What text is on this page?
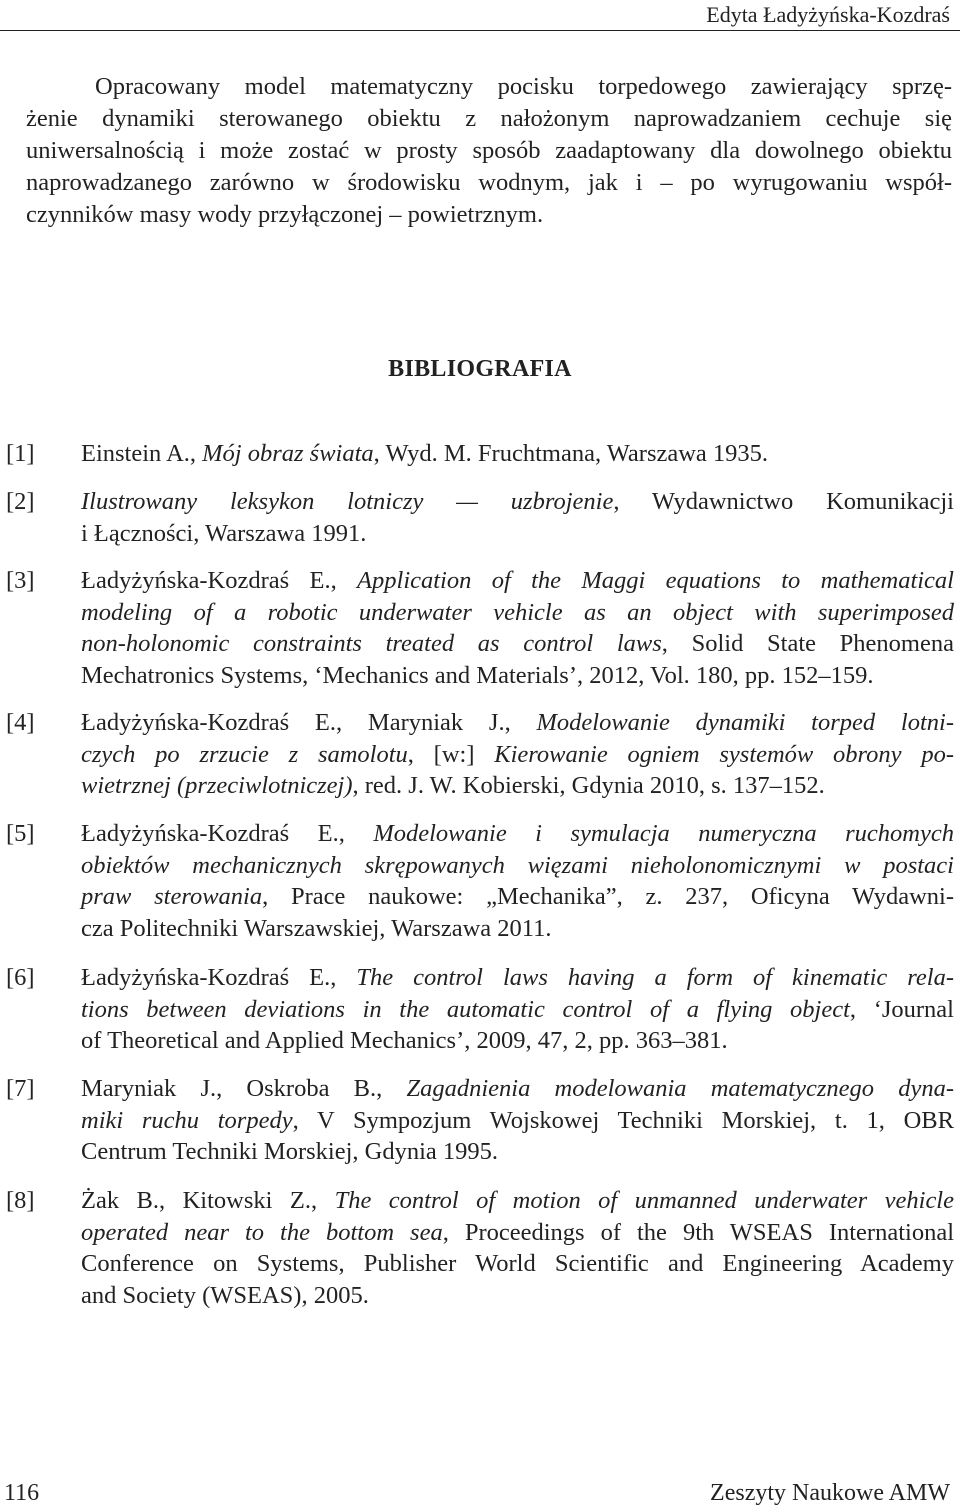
Edyta Ładyżyńska-Kozdraś
Opracowany model matematyczny pocisku torpedowego zawierający sprzę-
żenie dynamiki sterowanego obiektu z nałożonym naprowadzaniem cechuje się
uniwersalnością i może zostać w prosty sposób zaadaptowany dla dowolnego obiektu
naprowadzanego zarówno w środowisku wodnym, jak i – po wyrugowaniu współ-
czynników masy wody przyłączonej – powietrznym.
BIBLIOGRAFIA
[1] Einstein A., Mój obraz świata, Wyd. M. Fruchtmana, Warszawa 1935.
[2] Ilustrowany leksykon lotniczy — uzbrojenie, Wydawnictwo Komunikacji
i Łączności, Warszawa 1991.
[3] Ładyżyńska-Kozdraś E., Application of the Maggi equations to mathematical
modeling of a robotic underwater vehicle as an object with superimposed
non-holonomic constraints treated as control laws, Solid State Phenomena
Mechatronics Systems, ‘Mechanics and Materials’, 2012, Vol. 180, pp. 152–159.
[4] Ładyżyńska-Kozdraś E., Maryniak J., Modelowanie dynamiki torped lotni-
czych po zrzucie z samolotu, [w:] Kierowanie ogniem systemów obrony po-
wietrznej (przeciwlotniczej), red. J. W. Kobierski, Gdynia 2010, s. 137–152.
[5] Ładyżyńska-Kozdraś E., Modelowanie i symulacja numeryczna ruchomych
obiektów mechanicznych skrępowanych więzami nieholonomicznymi w postaci
praw sterowania, Prace naukowe: „Mechanika”, z. 237, Oficyna Wydawni-
cza Politechniki Warszawskiej, Warszawa 2011.
[6] Ładyżyńska-Kozdraś E., The control laws having a form of kinematic rela-
tions between deviations in the automatic control of a flying object, ‘Journal
of Theoretical and Applied Mechanics’, 2009, 47, 2, pp. 363–381.
[7] Maryniak J., Oskroba B., Zagadnienia modelowania matematycznego dyna-
miki ruchu torpedy, V Sympozjum Wojskowej Techniki Morskiej, t. 1, OBR
Centrum Techniki Morskiej, Gdynia 1995.
[8] Żak B., Kitowski Z., The control of motion of unmanned underwater vehicle
operated near to the bottom sea, Proceedings of the 9th WSEAS International
Conference on Systems, Publisher World Scientific and Engineering Academy
and Society (WSEAS), 2005.
116	Zeszyty Naukowe AMW
